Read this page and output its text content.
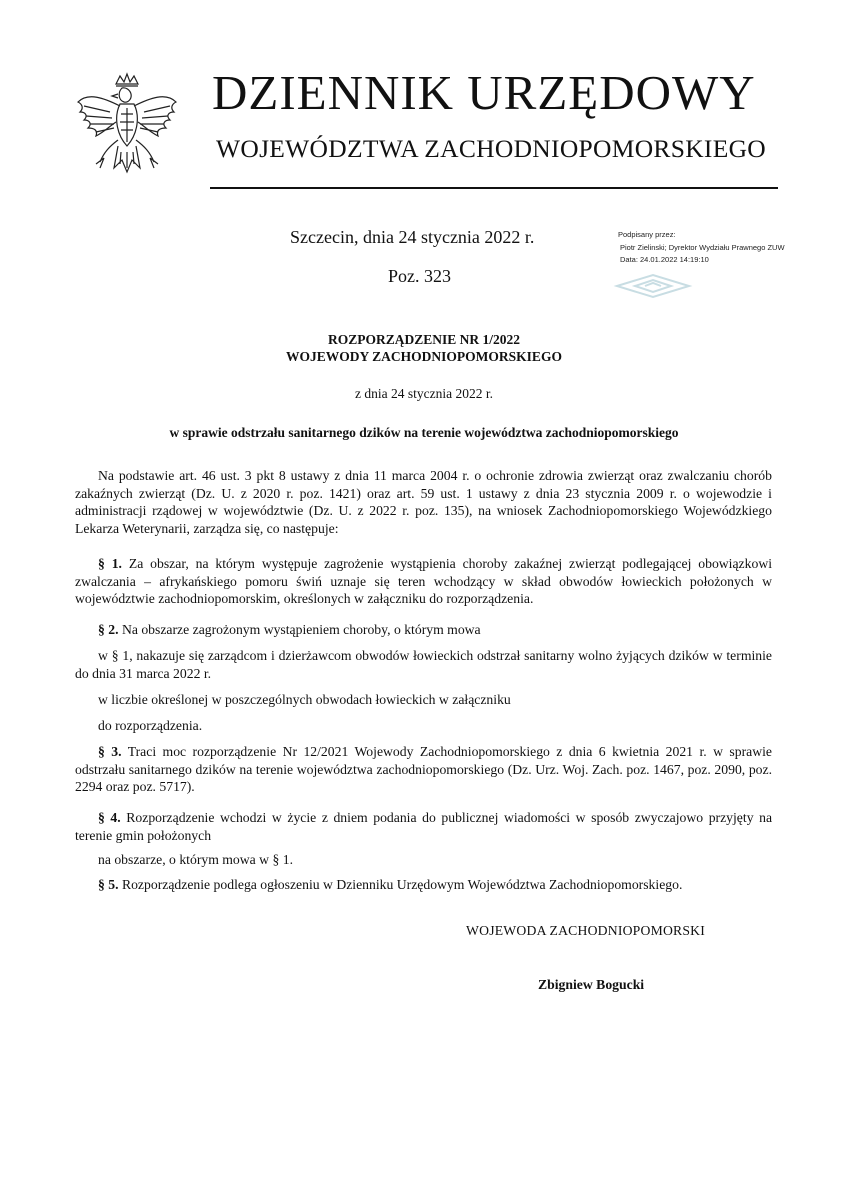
DZIENNIK URZĘDOWY
WOJEWÓDZTWA ZACHODNIOPOMORSKIEGO
Szczecin, dnia 24 stycznia 2022 r.
Poz. 323
Podpisany przez:
Piotr Zielinski; Dyrektor Wydziału Prawnego ZUW
Data: 24.01.2022 14:19:10
ROZPORZĄDZENIE NR 1/2022
WOJEWODY ZACHODNIOPOMORSKIEGO
z dnia 24 stycznia 2022 r.
w sprawie odstrzału sanitarnego dzików na terenie województwa zachodniopomorskiego

Na podstawie art. 46 ust. 3 pkt 8 ustawy z dnia 11 marca 2004 r. o ochronie zdrowia zwierząt oraz zwalczaniu chorób zakaźnych zwierząt (Dz. U. z 2020 r. poz. 1421) oraz art. 59 ust. 1 ustawy z dnia 23 stycznia 2009 r. o wojewodzie i administracji rządowej w województwie (Dz. U. z 2022 r. poz. 135), na wniosek Zachodniopomorskiego Wojewódzkiego Lekarza Weterynarii, zarządza się, co następuje:

§ 1. Za obszar, na którym występuje zagrożenie wystąpienia choroby zakaźnej zwierząt podlegającej obowiązkowi zwalczania – afrykańskiego pomoru świń uznaje się teren wchodzący w skład obwodów łowieckich położonych w województwie zachodniopomorskim, określonych w załączniku do rozporządzenia.

§ 2. Na obszarze zagrożonym wystąpieniem choroby, o którym mowa

w § 1, nakazuje się zarządcom i dzierżawcom obwodów łowieckich odstrzał sanitarny wolno żyjących dzików w terminie do dnia 31 marca 2022 r.

w liczbie określonej w poszczególnych obwodach łowieckich w załączniku
do rozporządzenia.

§ 3. Traci moc rozporządzenie Nr 12/2021 Wojewody Zachodniopomorskiego z dnia 6 kwietnia 2021 r. w sprawie odstrzału sanitarnego dzików na terenie województwa zachodniopomorskiego (Dz. Urz. Woj. Zach. poz. 1467, poz. 2090, poz. 2294 oraz poz. 5717).

§ 4. Rozporządzenie wchodzi w życie z dniem podania do publicznej wiadomości w sposób zwyczajowo przyjęty na terenie gmin położonych

na obszarze, o którym mowa w § 1.
§ 5. Rozporządzenie podlega ogłoszeniu w Dzienniku Urzędowym Województwa Zachodniopomorskiego.
WOJEWODA ZACHODNIOPOMORSKI
Zbigniew Bogucki
